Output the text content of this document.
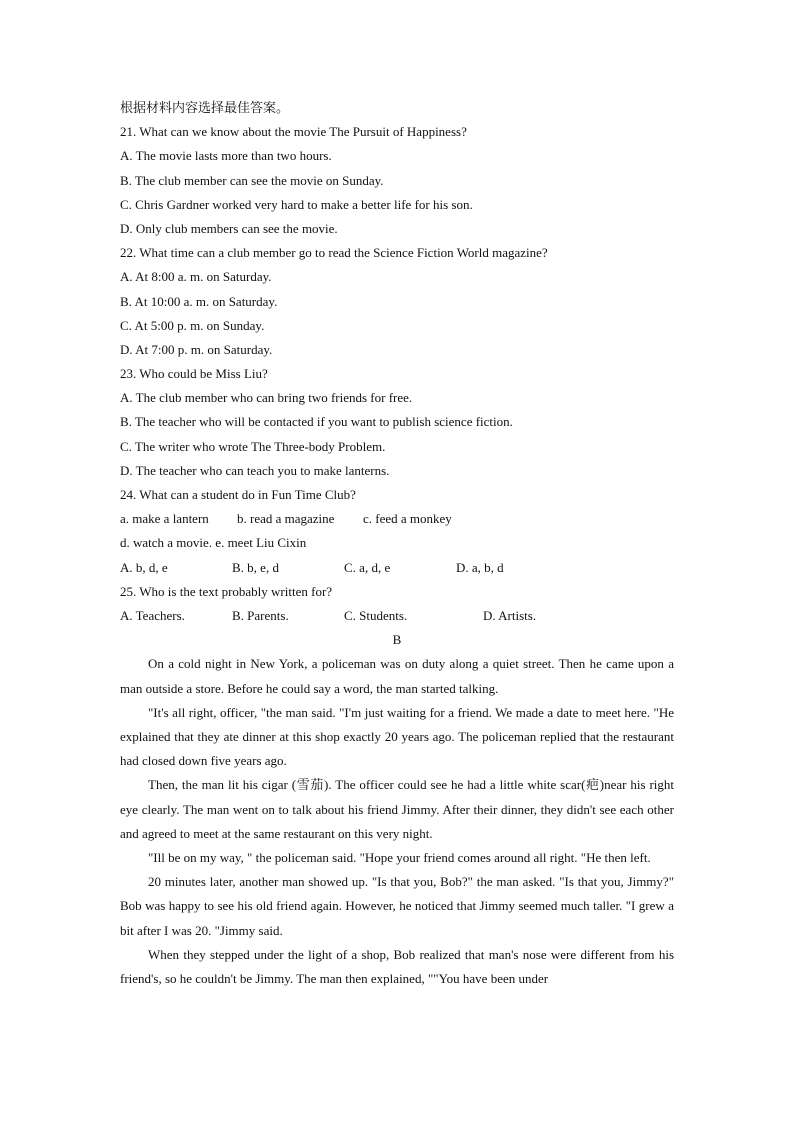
根据材料内容选择最佳答案。
21. What can we know about the movie The Pursuit of Happiness?
A. The movie lasts more than two hours.
B. The club member can see the movie on Sunday.
C. Chris Gardner worked very hard to make a better life for his son.
D. Only club members can see the movie.
22. What time can a club member go to read the Science Fiction World magazine?
A. At 8:00 a. m. on Saturday.
B. At 10:00 a. m. on Saturday.
C. At 5:00 p. m. on Sunday.
D. At 7:00 p. m. on Saturday.
23. Who could be Miss Liu?
A. The club member who can bring two friends for free.
B. The teacher who will be contacted if you want to publish science fiction.
C. The writer who wrote The Three-body Problem.
D. The teacher who can teach you to make lanterns.
24. What can a student do in Fun Time Club?
a. make a lantern	b. read a magazine	c. feed a monkey
d. watch a movie. e. meet Liu Cixin
A. b, d, e	B. b, e, d	C. a, d, e	D. a, b, d
25. Who is the text probably written for?
A. Teachers.	B. Parents.	C. Students.	D. Artists.
B

On a cold night in New York, a policeman was on duty along a quiet street. Then he came upon a man outside a store. Before he could say a word, the man started talking.

"It's all right, officer, "the man said. "I'm just waiting for a friend. We made a date to meet here. "He explained that they ate dinner at this shop exactly 20 years ago. The policeman replied that the restaurant had closed down five years ago.

Then, the man lit his cigar (雪茄). The officer could see he had a little white scar(疤)near his right eye clearly. The man went on to talk about his friend Jimmy. After their dinner, they didn't see each other and agreed to meet at the same restaurant on this very night.

"Ill be on my way, " the policeman said. "Hope your friend comes around all right. "He then left.

20 minutes later, another man showed up. "Is that you, Bob?" the man asked. "Is that you, Jimmy?" Bob was happy to see his old friend again. However, he noticed that Jimmy seemed much taller. "I grew a bit after I was 20. "Jimmy said.

When they stepped under the light of a shop, Bob realized that man's nose were different from his friend's, so he couldn't be Jimmy. The man then explained, ""You have been under
